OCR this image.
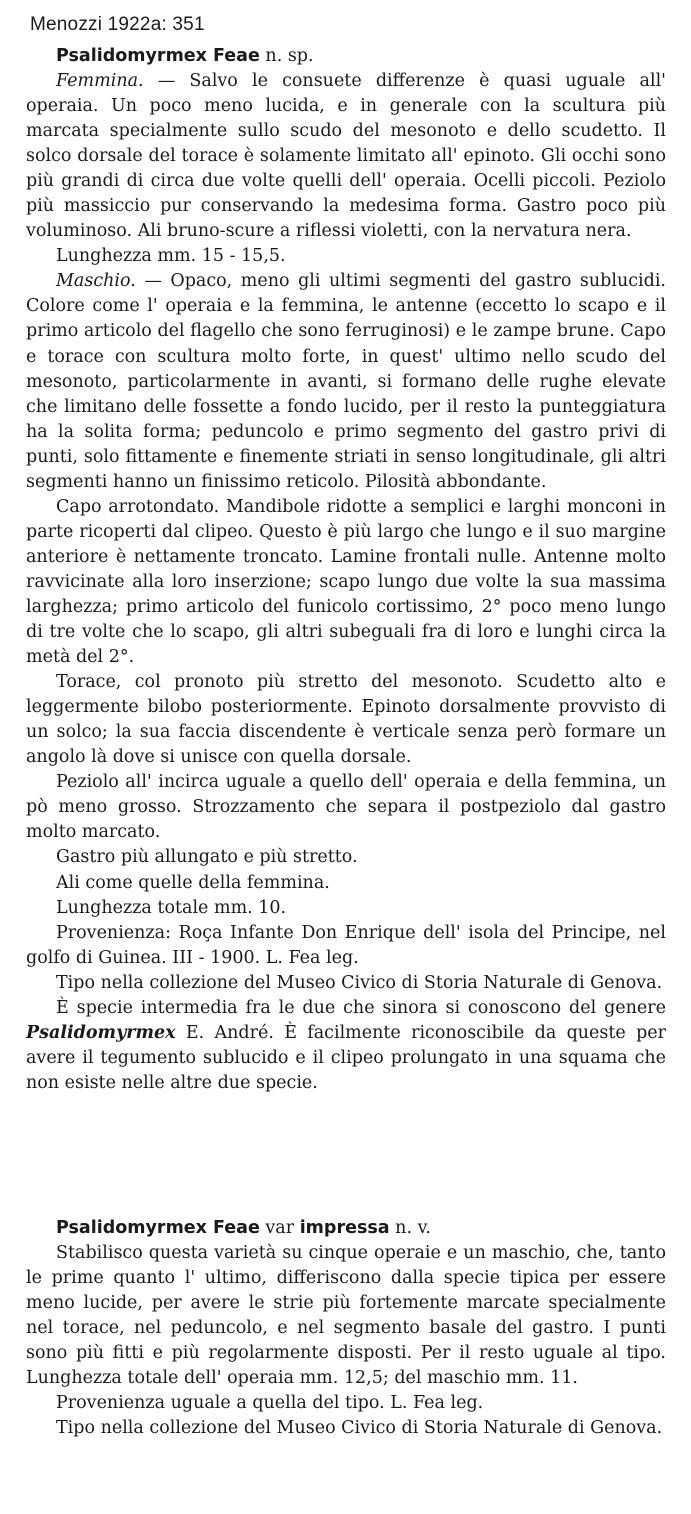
Menozzi 1922a: 351

Psalidomyrmex Feae n. sp.

Femmina. — Salvo le consuete differenze è quasi uguale all' operaia. Un poco meno lucida, e in generale con la scultura più marcata specialmente sullo scudo del mesonoto e dello scudetto. Il solco dorsale del torace è solamente limitato all' epinoto. Gli occhi sono più grandi di circa due volte quelli dell' operaia. Ocelli piccoli. Peziolo più massiccio pur conservando la medesima forma. Gastro poco più voluminoso. Ali bruno-scure a riflessi violetti, con la nervatura nera.

Lunghezza mm. 15 - 15,5.

Maschio. — Opaco, meno gli ultimi segmenti del gastro sublucidi. Colore come l' operaia e la femmina, le antenne (eccetto lo scapo e il primo articolo del flagello che sono ferruginosi) e le zampe brune. Capo e torace con scultura molto forte, in quest' ultimo nello scudo del mesonoto, particolarmente in avanti, si formano delle rughe elevate che limitano delle fossette a fondo lucido, per il resto la punteggiatura ha la solita forma; peduncolo e primo segmento del gastro privi di punti, solo fittamente e finemente striati in senso longitudinale, gli altri segmenti hanno un finissimo reticolo. Pilosità abbondante.

Capo arrotondato. Mandibole ridotte a semplici e larghi monconi in parte ricoperti dal clipeo. Questo è più largo che lungo e il suo margine anteriore è nettamente troncato. Lamine frontali nulle. Antenne molto ravvicinate alla loro inserzione; scapo lungo due volte la sua massima larghezza; primo articolo del funicolo cortissimo, 2° poco meno lungo di tre volte che lo scapo, gli altri subeguali fra di loro e lunghi circa la metà del 2°.

Torace, col pronoto più stretto del mesonoto. Scudetto alto e leggermente bilobo posteriormente. Epinoto dorsalmente provvisto di un solco; la sua faccia discendente è verticale senza però formare un angolo là dove si unisce con quella dorsale.

Peziolo all' incirca uguale a quello dell' operaia e della femmina, un pò meno grosso. Strozzamento che separa il postpeziolo dal gastro molto marcato.

Gastro più allungato e più stretto.

Ali come quelle della femmina.

Lunghezza totale mm. 10.

Provenienza: Roça Infante Don Enrique dell' isola del Principe, nel golfo di Guinea. III - 1900. L. Fea leg.

Tipo nella collezione del Museo Civico di Storia Naturale di Genova.

È specie intermedia fra le due che sinora si conoscono del genere Psalidomyrmex E. André. È facilmente riconoscibile da queste per avere il tegumento sublucido e il clipeo prolungato in una squama che non esiste nelle altre due specie.

Psalidomyrmex Feae var impressa n. v.

Stabilisco questa varietà su cinque operaie e un maschio, che, tanto le prime quanto l' ultimo, differiscono dalla specie tipica per essere meno lucide, per avere le strie più fortemente marcate specialmente nel torace, nel peduncolo, e nel segmento basale del gastro. I punti sono più fitti e più regolarmente disposti. Per il resto uguale al tipo. Lunghezza totale dell' operaia mm. 12,5; del maschio mm. 11.

Provenienza uguale a quella del tipo. L. Fea leg.

Tipo nella collezione del Museo Civico di Storia Naturale di Genova.
